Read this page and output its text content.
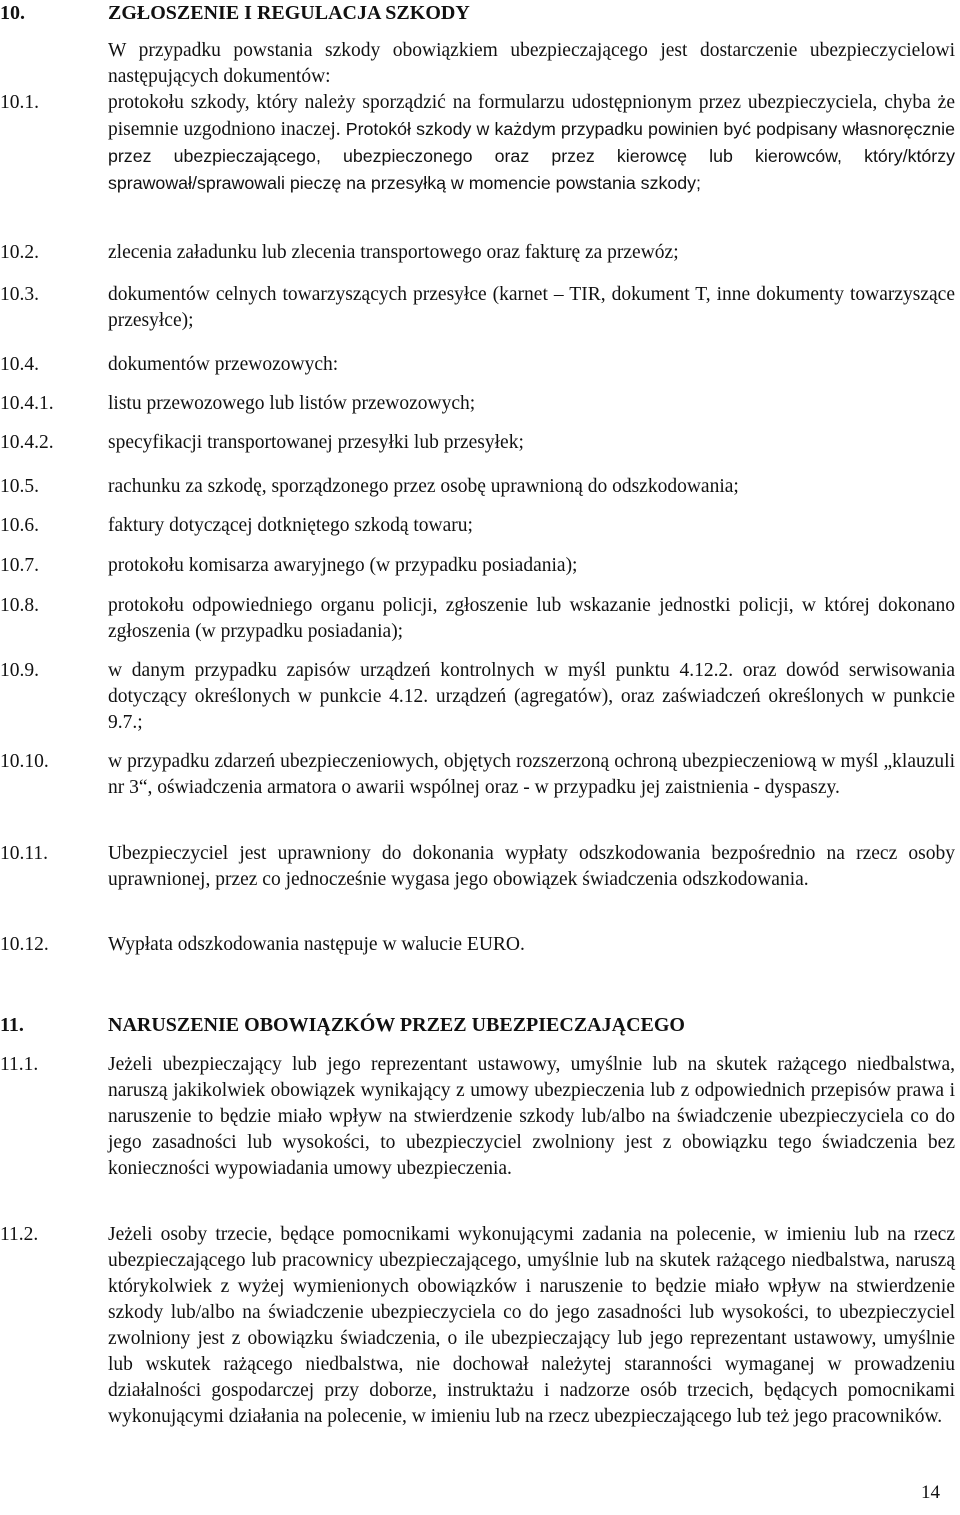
10.	ZGŁOSZENIE I REGULACJA SZKODY
W przypadku powstania szkody obowiązkiem ubezpieczającego jest dostarczenie ubezpieczycielowi następujących dokumentów:
10.1.	protokołu szkody, który należy sporządzić na formularzu udostępnionym przez ubezpieczyciela, chyba że pisemnie uzgodniono inaczej. Protokół szkody w każdym przypadku powinien być podpisany własnoręcznie przez ubezpieczającego, ubezpieczonego oraz przez kierowcę lub kierowców, który/którzy sprawował/sprawowali pieczę na przesyłką w momencie powstania szkody;
10.2.	zlecenia załadunku lub zlecenia transportowego oraz fakturę za przewóz;
10.3.	dokumentów celnych towarzyszących przesyłce (karnet – TIR, dokument T, inne dokumenty towarzyszące przesyłce);
10.4.	dokumentów przewozowych:
10.4.1.	listu przewozowego lub listów przewozowych;
10.4.2.	specyfikacji transportowanej przesyłki lub przesyłek;
10.5.	rachunku za szkodę, sporządzonego przez osobę uprawnioną do odszkodowania;
10.6.	faktury dotyczącej dotkniętego szkodą towaru;
10.7.	protokołu komisarza awaryjnego (w przypadku posiadania);
10.8.	protokołu odpowiedniego organu policji, zgłoszenie lub wskazanie jednostki policji, w której dokonano zgłoszenia (w przypadku posiadania);
10.9.	w danym przypadku zapisów urządzeń kontrolnych w myśl punktu 4.12.2. oraz dowód serwisowania dotyczący określonych w punkcie 4.12. urządzeń (agregatów), oraz zaświadczeń określonych w punkcie 9.7.;
10.10.	w przypadku zdarzeń ubezpieczeniowych, objętych rozszerzoną ochroną ubezpieczeniową w myśl „klauzuli nr 3“, oświadczenia armatora o awarii wspólnej oraz - w przypadku jej zaistnienia - dyspaszy.
10.11.	Ubezpieczyciel jest uprawniony do dokonania wypłaty odszkodowania bezpośrednio na rzecz osoby uprawnionej, przez co jednocześnie wygasa jego obowiązek świadczenia odszkodowania.
10.12.	Wypłata odszkodowania następuje w walucie EURO.
11.	NARUSZENIE OBOWIĄZKÓW PRZEZ UBEZPIECZAJĄCEGO
11.1.	Jeżeli ubezpieczający lub jego reprezentant ustawowy, umyślnie lub na skutek rażącego niedbalstwa, naruszą jakikolwiek obowiązek wynikający z umowy ubezpieczenia lub z odpowiednich przepisów prawa i naruszenie to będzie miało wpływ na stwierdzenie szkody lub/albo na świadczenie ubezpieczyciela co do jego zasadności lub wysokości, to ubezpieczyciel zwolniony jest z obowiązku tego świadczenia bez konieczności wypowiadania umowy ubezpieczenia.
11.2.	Jeżeli osoby trzecie, będące pomocnikami wykonującymi zadania na polecenie, w imieniu lub na rzecz ubezpieczającego lub pracownicy ubezpieczającego, umyślnie lub na skutek rażącego niedbalstwa, naruszą którykolwiek z wyżej wymienionych obowiązków i naruszenie to będzie miało wpływ na stwierdzenie szkody lub/albo na świadczenie ubezpieczyciela co do jego zasadności lub wysokości, to ubezpieczyciel zwolniony jest z obowiązku świadczenia, o ile ubezpieczający lub jego reprezentant ustawowy, umyślnie lub wskutek rażącego niedbalstwa, nie dochował należytej staranności wymaganej w prowadzeniu działalności gospodarczej przy doborze, instruktażu i nadzorze osób trzecich, będących pomocnikami wykonującymi działania na polecenie, w imieniu lub na rzecz ubezpieczającego lub też jego pracowników.
14
